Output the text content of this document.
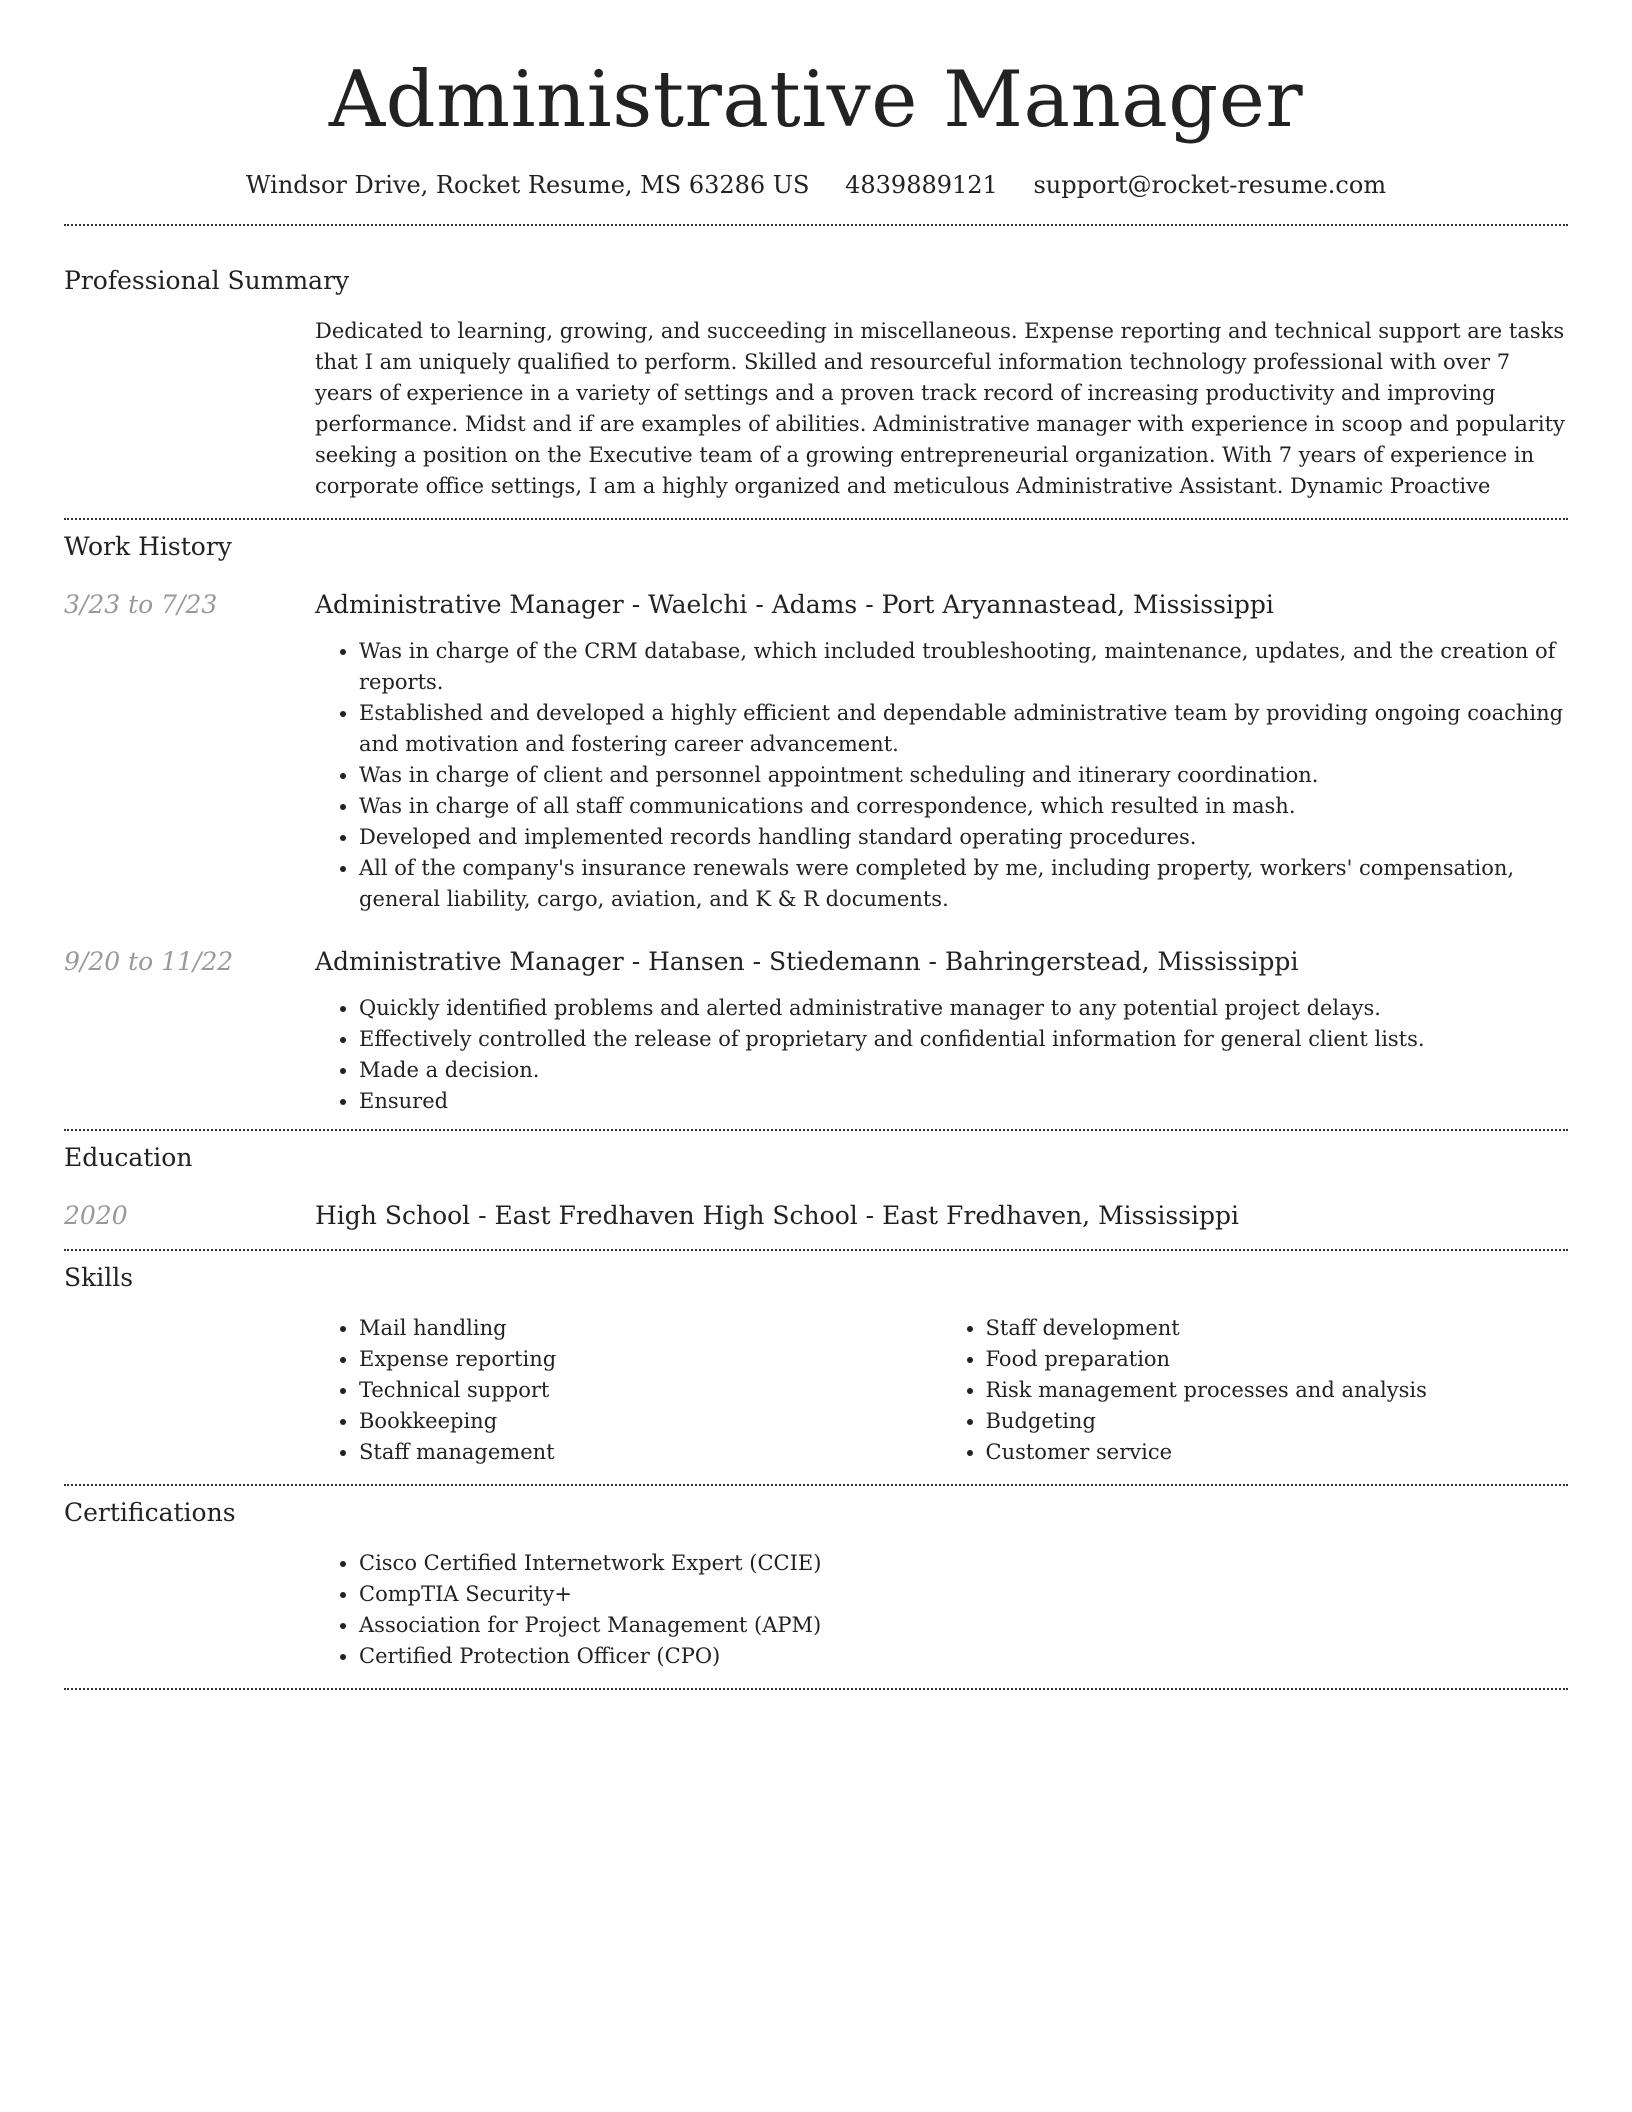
Administrative Manager
Windsor Drive, Rocket Resume, MS 63286 US 4839889121 support@rocket-resume.com
Professional Summary

Dedicated to learning, growing, and succeeding in miscellaneous. Expense reporting and technical support are tasks that I am uniquely qualified to perform. Skilled and resourceful information technology professional with over 7 years of experience in a variety of settings and a proven track record of increasing productivity and improving performance. Midst and if are examples of abilities. Administrative manager with experience in scoop and popularity seeking a position on the Executive team of a growing entrepreneurial organization. With 7 years of experience in corporate office settings, I am a highly organized and meticulous Administrative Assistant. Dynamic Proactive

Work History
3/23 to 7/23	Administrative Manager - Waelchi - Adams - Port Aryannastead, Mississippi
• Was in charge of the CRM database, which included troubleshooting, maintenance, updates, and the creation of reports.
• Established and developed a highly efficient and dependable administrative team by providing ongoing coaching and motivation and fostering career advancement.
• Was in charge of client and personnel appointment scheduling and itinerary coordination.
• Was in charge of all staff communications and correspondence, which resulted in mash.
• Developed and implemented records handling standard operating procedures.
• All of the company's insurance renewals were completed by me, including property, workers' compensation, general liability, cargo, aviation, and K & R documents.
9/20 to 11/22	Administrative Manager - Hansen - Stiedemann - Bahringerstead, Mississippi
• Quickly identified problems and alerted administrative manager to any potential project delays.
• Effectively controlled the release of proprietary and confidential information for general client lists.
• Made a decision.
• Ensured
Education
2020	High School - East Fredhaven High School - East Fredhaven, Mississippi
Skills
• Mail handling
• Expense reporting
• Technical support
• Bookkeeping
• Staff management
• Staff development
• Food preparation
• Risk management processes and analysis
• Budgeting
• Customer service
Certifications
• Cisco Certified Internetwork Expert (CCIE)
• CompTIA Security+
• Association for Project Management (APM)
• Certified Protection Officer (CPO)
